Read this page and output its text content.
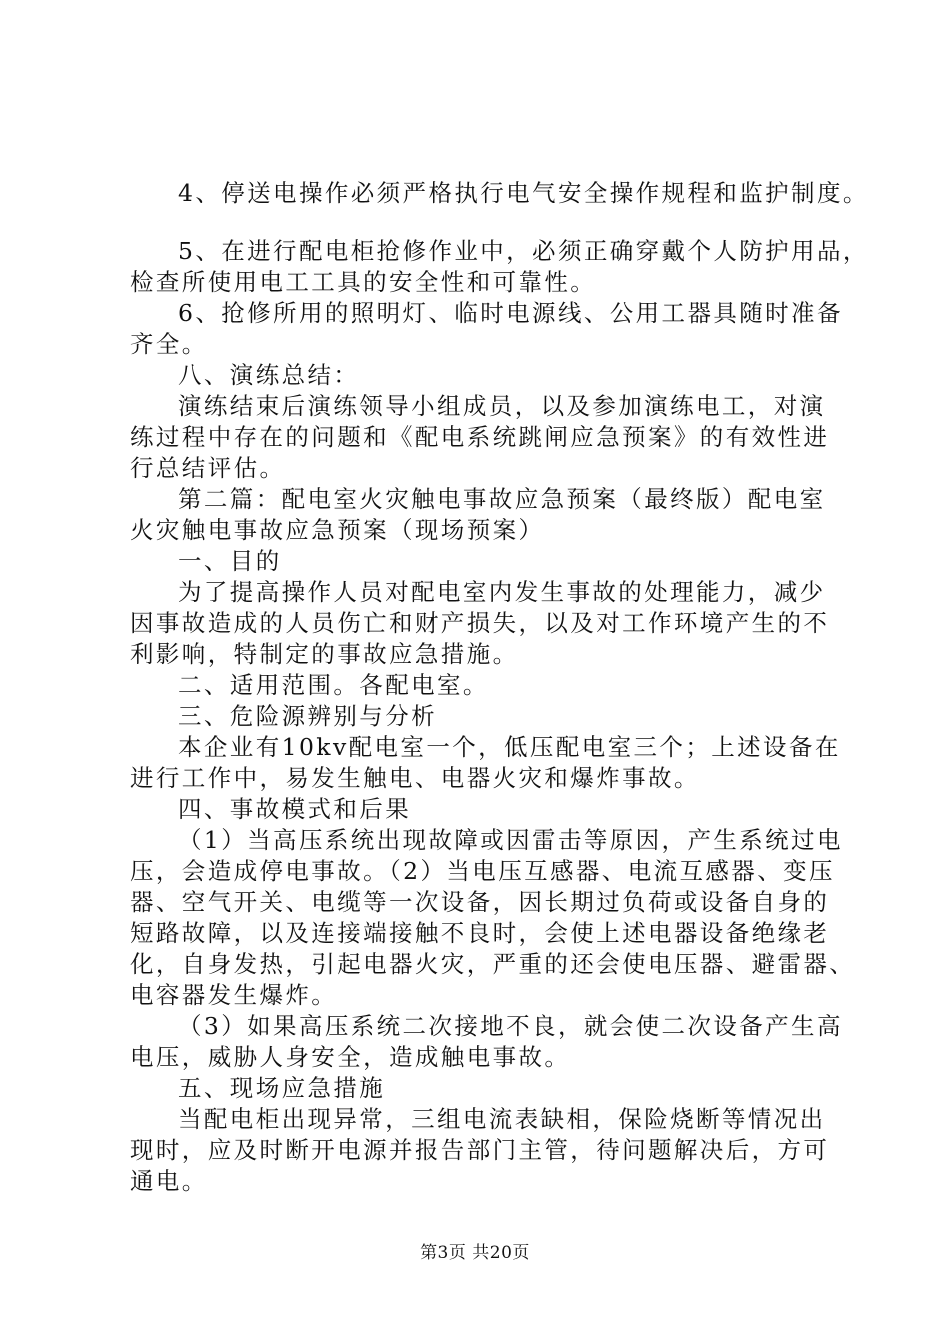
4、停送电操作必须严格执行电气安全操作规程和监护制度。
5、在进行配电柜抢修作业中，必须正确穿戴个人防护用品，
检查所使用电工工具的安全性和可靠性。
6、抢修所用的照明灯、临时电源线、公用工器具随时准备
齐全。
八、演练总结：
演练结束后演练领导小组成员，以及参加演练电工，对演
练过程中存在的问题和《配电系统跳闸应急预案》的有效性进
行总结评估。
第二篇：配电室火灾触电事故应急预案（最终版）配电室
火灾触电事故应急预案（现场预案）
一、目的
为了提高操作人员对配电室内发生事故的处理能力，减少
因事故造成的人员伤亡和财产损失，以及对工作环境产生的不
利影响，特制定的事故应急措施。
二、适用范围。各配电室。
三、危险源辨别与分析
本企业有10kv配电室一个，低压配电室三个；上述设备在
进行工作中，易发生触电、电器火灾和爆炸事故。
四、事故模式和后果
（1）当高压系统出现故障或因雷击等原因，产生系统过电
压，会造成停电事故。（2）当电压互感器、电流互感器、变压
器、空气开关、电缆等一次设备，因长期过负荷或设备自身的
短路故障，以及连接端接触不良时，会使上述电器设备绝缘老
化，自身发热，引起电器火灾，严重的还会使电压器、避雷器、
电容器发生爆炸。
（3）如果高压系统二次接地不良，就会使二次设备产生高
电压，威胁人身安全，造成触电事故。
五、现场应急措施
当配电柜出现异常，三组电流表缺相，保险烧断等情况出
现时，应及时断开电源并报告部门主管，待问题解决后，方可
通电。
第3页 共20页
